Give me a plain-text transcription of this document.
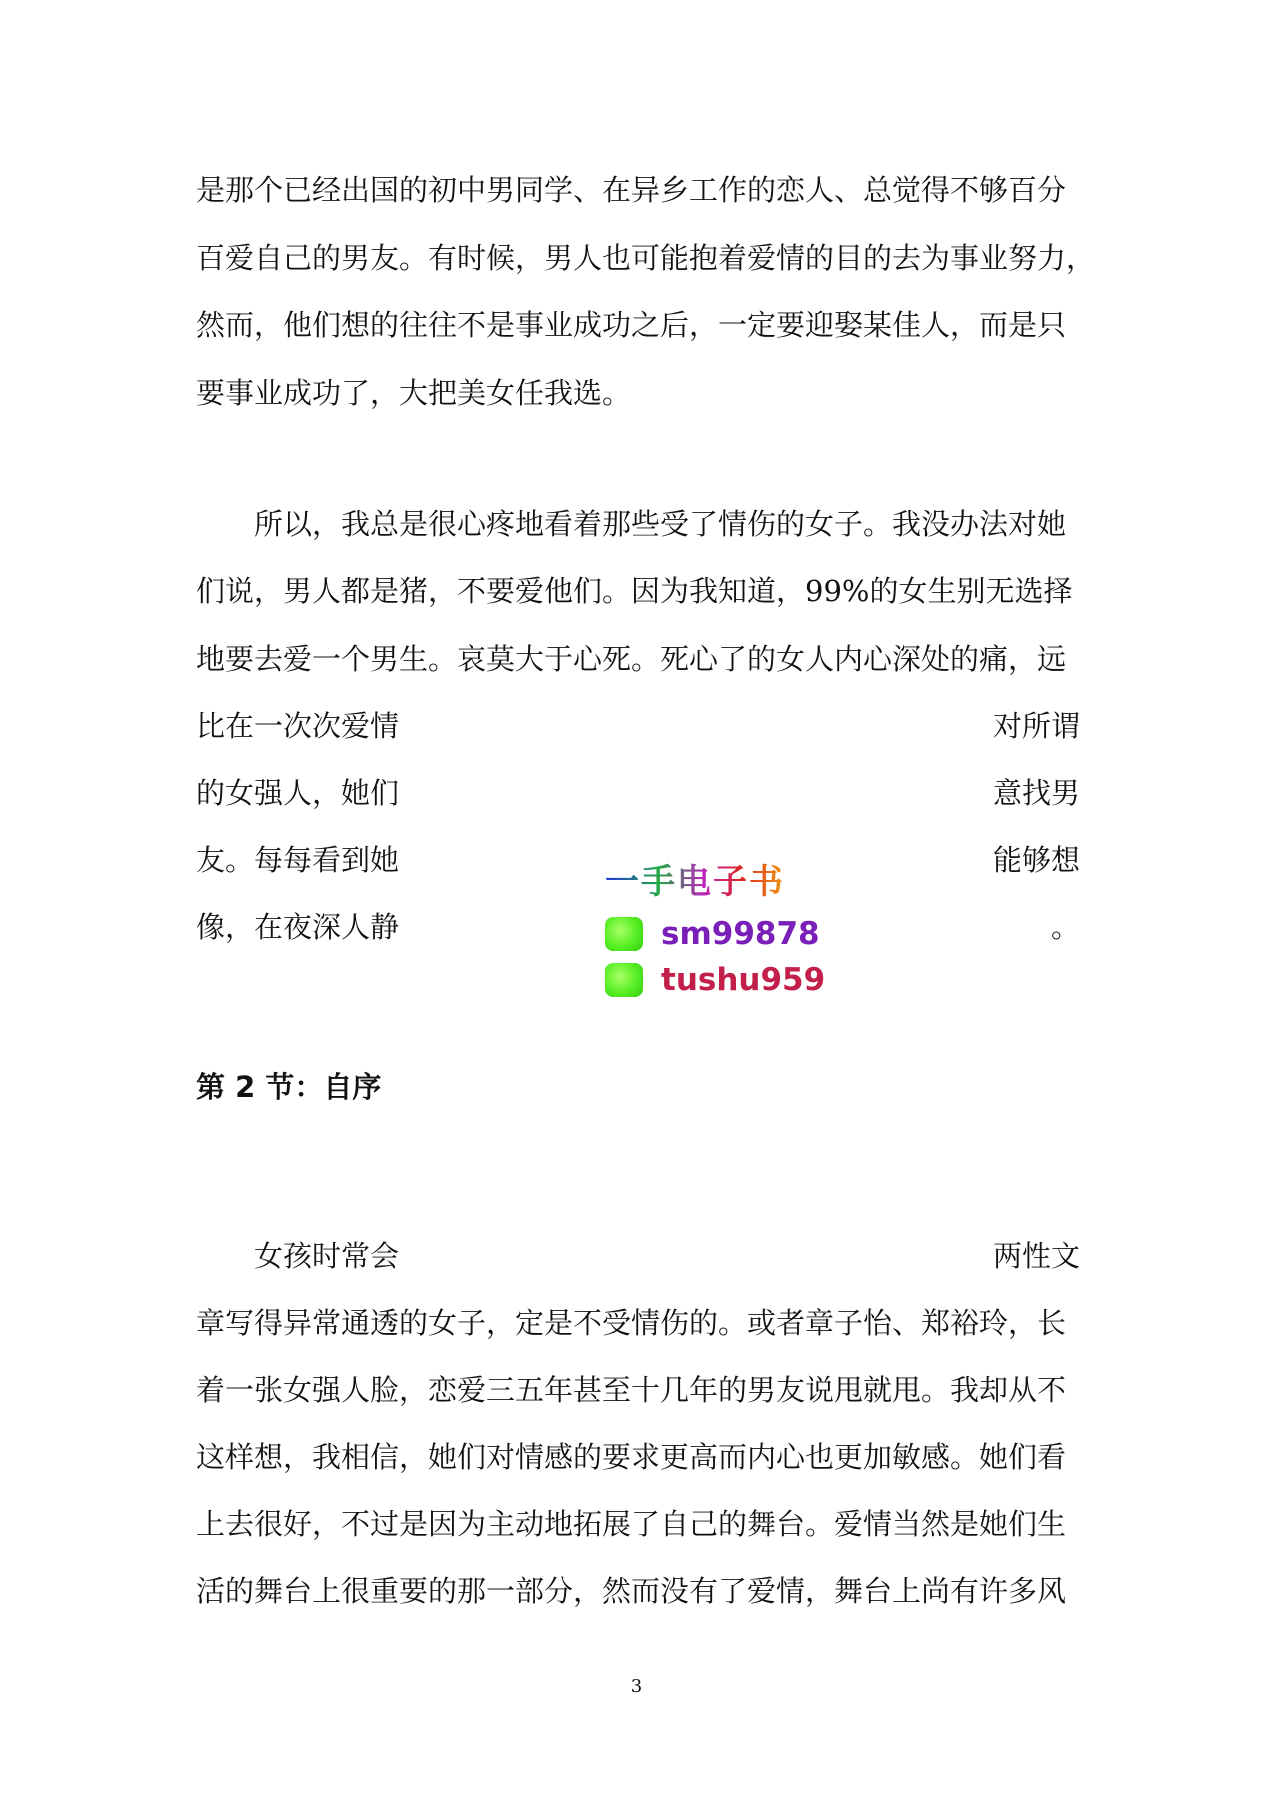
是那个已经出国的初中男同学、在异乡工作的恋人、总觉得不够百分
百爱自己的男友。有时候，男人也可能抱着爱情的目的去为事业努力，
然而，他们想的往往不是事业成功之后，一定要迎娶某佳人，而是只
要事业成功了，大把美女任我选。
所以，我总是很心疼地看着那些受了情伤的女子。我没办法对她
们说，男人都是猪，不要爱他们。因为我知道，99%的女生别无选择
地要去爱一个男生。哀莫大于心死。死心了的女人内心深处的痛，远
比在一次次爱情
的女强人，她们
友。每每看到她
像，在夜深人静
对所谓
意找男
能够想
。
第 2 节：自序
女孩时常会	两性文
一手电子书
sm99878
tushu959
章写得异常通透的女子，定是不受情伤的。或者章子怡、郑裕玲，长
着一张女强人脸，恋爱三五年甚至十几年的男友说甩就甩。我却从不
这样想，我相信，她们对情感的要求更高而内心也更加敏感。她们看
上去很好，不过是因为主动地拓展了自己的舞台。爱情当然是她们生
活的舞台上很重要的那一部分，然而没有了爱情，舞台上尚有许多风
3
